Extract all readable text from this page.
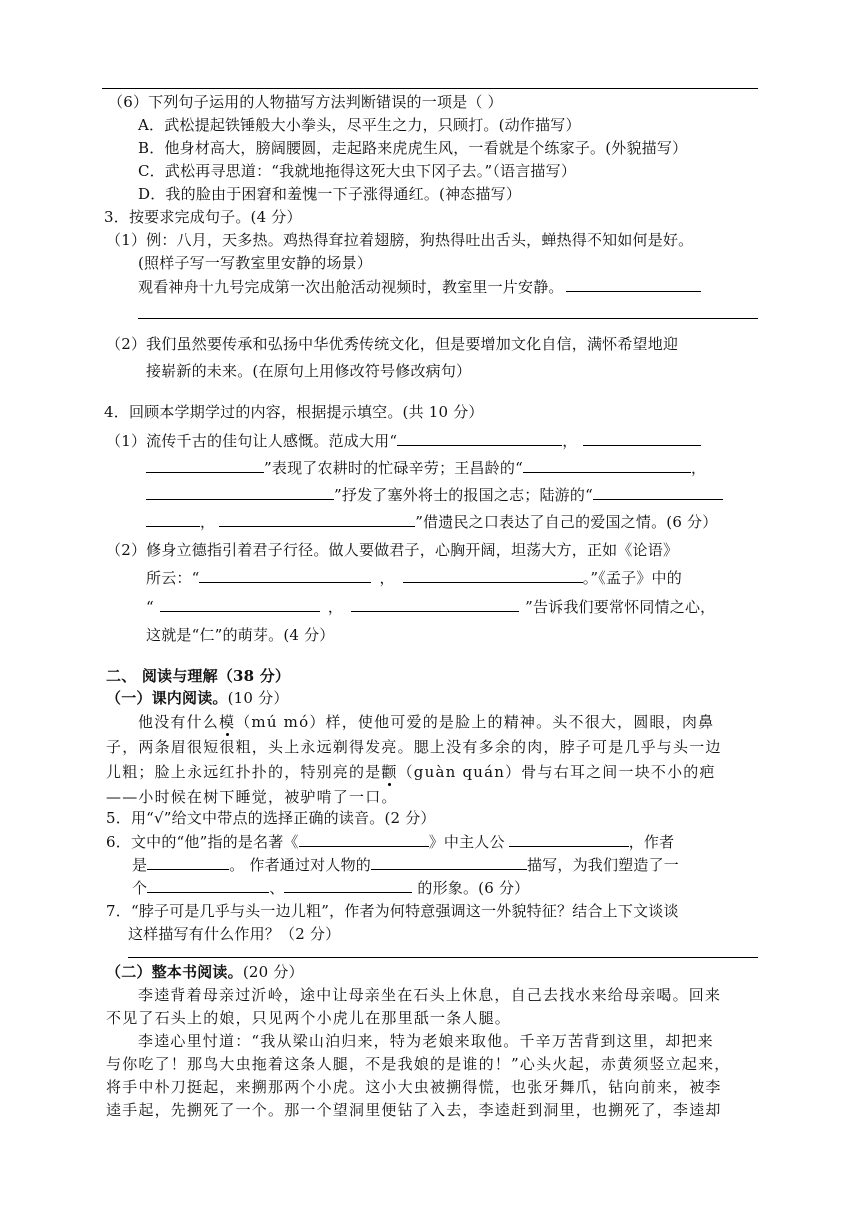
（6）下列句子运用的人物描写方法判断错误的一项是（ ）
A．武松提起铁锤般大小拳头，尽平生之力，只顾打。(动作描写）
B．他身材高大，膀阔腰圆，走起路来虎虎生风，一看就是个练家子。(外貌描写）
C．武松再寻思道：“我就地拖得这死大虫下冈子去。”（语言描写）
D．我的脸由于困窘和羞愧一下子涨得通红。(神态描写）
3．按要求完成句子。(4 分）
（1）例：八月，天多热。鸡热得耷拉着翅膀，狗热得吐出舌头，蝉热得不知如何是好。
(照样子写一写教室里安静的场景）
观看神舟十九号完成第一次出舱活动视频时，教室里一片安静。
（2）我们虽然要传承和弘扬中华优秀传统文化，但是要增加文化自信，满怀希望地迎
接崭新的未来。(在原句上用修改符号修改病句）
4．回顾本学期学过的内容，根据提示填空。(共 10 分）
（1）流传千古的佳句让人感慨。范成大用“	，
”表现了农耕时的忙碌辛劳；王昌龄的“	，
”抒发了塞外将士的报国之志；陆游的“
，	”借遗民之口表达了自己的爱国之情。(6 分）
（2）修身立德指引着君子行径。做人要做君子，心胸开阔，坦荡大方，正如《论语》
所云：“	，	。”《孟子》中的
“	，	”告诉我们要常怀同情之心，
这就是“仁”的萌芽。(4 分）
二、 阅读与理解（38 分）
（一）课内阅读。(10 分）
他没有什么模（mú mó）样，使他可爱的是脸上的精神。头不很大，圆眼，肉鼻
子，两条眉很短很粗，头上永远剃得发亮。腮上没有多余的肉，脖子可是几乎与头一边
儿粗；脸上永远红扑扑的，特别亮的是颧（guàn quán）骨与右耳之间一块不小的疤
——小时候在树下睡觉，被驴啃了一口。
5．用“√”给文中带点的选择正确的读音。(2 分）
6．文中的“他”指的是名著《	》中主人公	，作者
是	。 作者通过对人物的	描写，为我们塑造了一
个	、	的形象。(6 分）
7．“脖子可是几乎与头一边儿粗”，作者为何特意强调这一外貌特征？结合上下文谈谈
这样描写有什么作用？（2 分）
（二）整本书阅读。(20 分）
李逵背着母亲过沂岭，途中让母亲坐在石头上休息，自己去找水来给母亲喝。回来
不见了石头上的娘，只见两个小虎儿在那里舐一条人腿。
李逵心里忖道：“我从梁山泊归来，特为老娘来取他。千辛万苦背到这里，却把来
与你吃了！那鸟大虫拖着这条人腿，不是我娘的是谁的！”心头火起，赤黄须竖立起来，
将手中朴刀挺起，来搠那两个小虎。这小大虫被搠得慌，也张牙舞爪，钻向前来，被李
逵手起，先搠死了一个。那一个望洞里便钻了入去，李逵赶到洞里，也搠死了，李逵却
